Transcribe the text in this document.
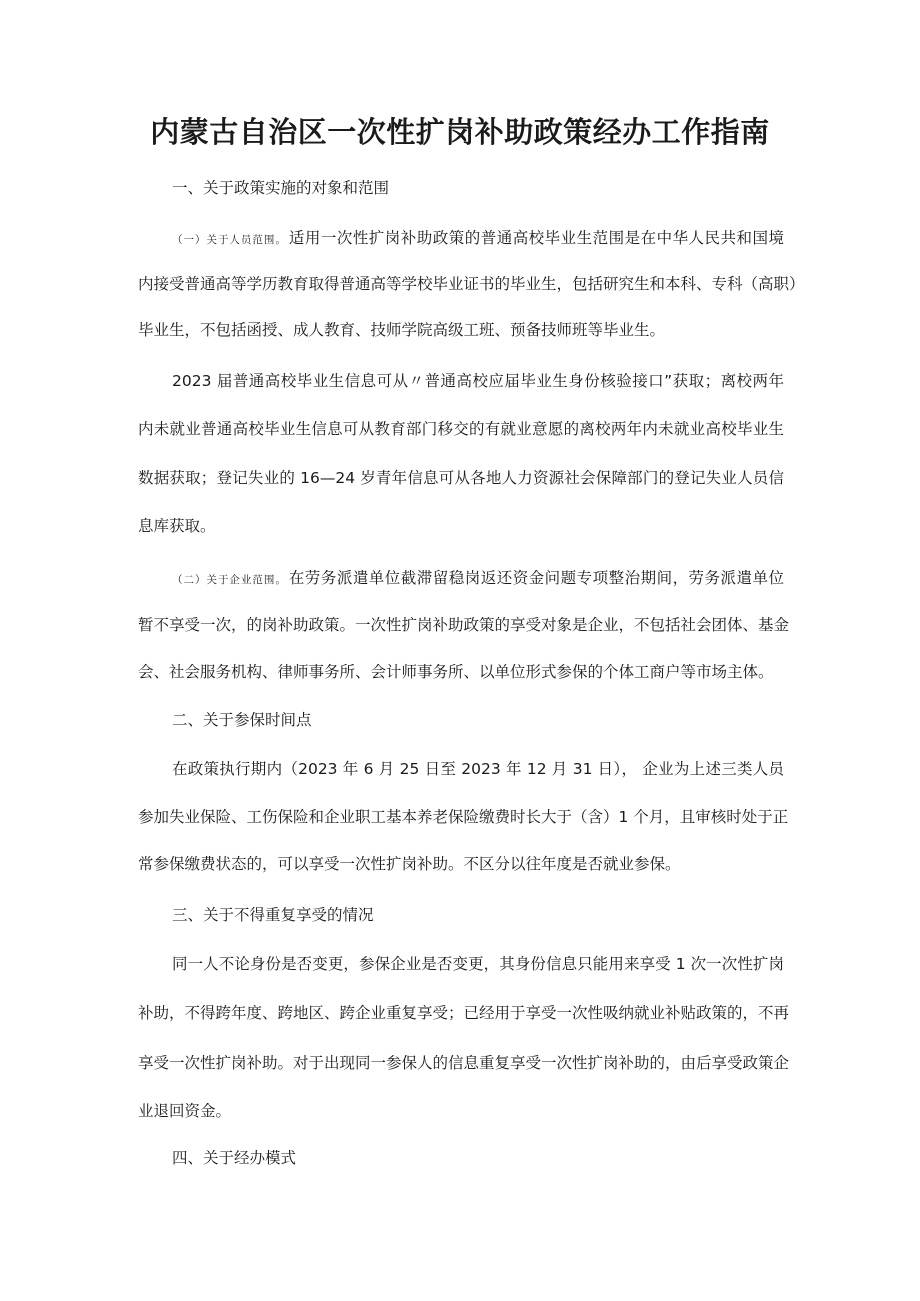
内蒙古自治区一次性扩岗补助政策经办工作指南

一、关于政策实施的对象和范围

（一）关于人员范围。 适用一次性扩岗补助政策的普通高校毕业生范围是在中华人民共和国境

内接受普通高等学历教育取得普通高等学校毕业证书的毕业生，包括研究生和本科、专科（高职）

毕业生，不包括函授、成人教育、技师学院高级工班、预备技师班等毕业生。

2023 届普通高校毕业生信息可从〃普通高校应届毕业生身份核验接口”获取；离校两年

内未就业普通高校毕业生信息可从教育部门移交的有就业意愿的离校两年内未就业高校毕业生

数据获取；登记失业的 16—24 岁青年信息可从各地人力资源社会保障部门的登记失业人员信

息库获取。

（二）关于企业范围。 在劳务派遣单位截滞留稳岗返还资金问题专项整治期间，劳务派遣单位

暂不享受一次，的岗补助政策。一次性扩岗补助政策的享受对象是企业，不包括社会团体、基金

会、社会服务机构、律师事务所、会计师事务所、以单位形式参保的个体工商户等市场主体。

二、关于参保时间点

在政策执行期内（2023 年 6 月 25 日至 2023 年 12 月 31 日）， 企业为上述三类人员

参加失业保险、工伤保险和企业职工基本养老保险缴费时长大于（含）1 个月，且审核时处于正

常参保缴费状态的，可以享受一次性扩岗补助。不区分以往年度是否就业参保。

三、关于不得重复享受的情况

同一人不论身份是否变更，参保企业是否变更，其身份信息只能用来享受 1 次一次性扩岗

补助，不得跨年度、跨地区、跨企业重复享受；已经用于享受一次性吸纳就业补贴政策的，不再

享受一次性扩岗补助。对于出现同一参保人的信息重复享受一次性扩岗补助的，由后享受政策企

业退回资金。

四、关于经办模式
